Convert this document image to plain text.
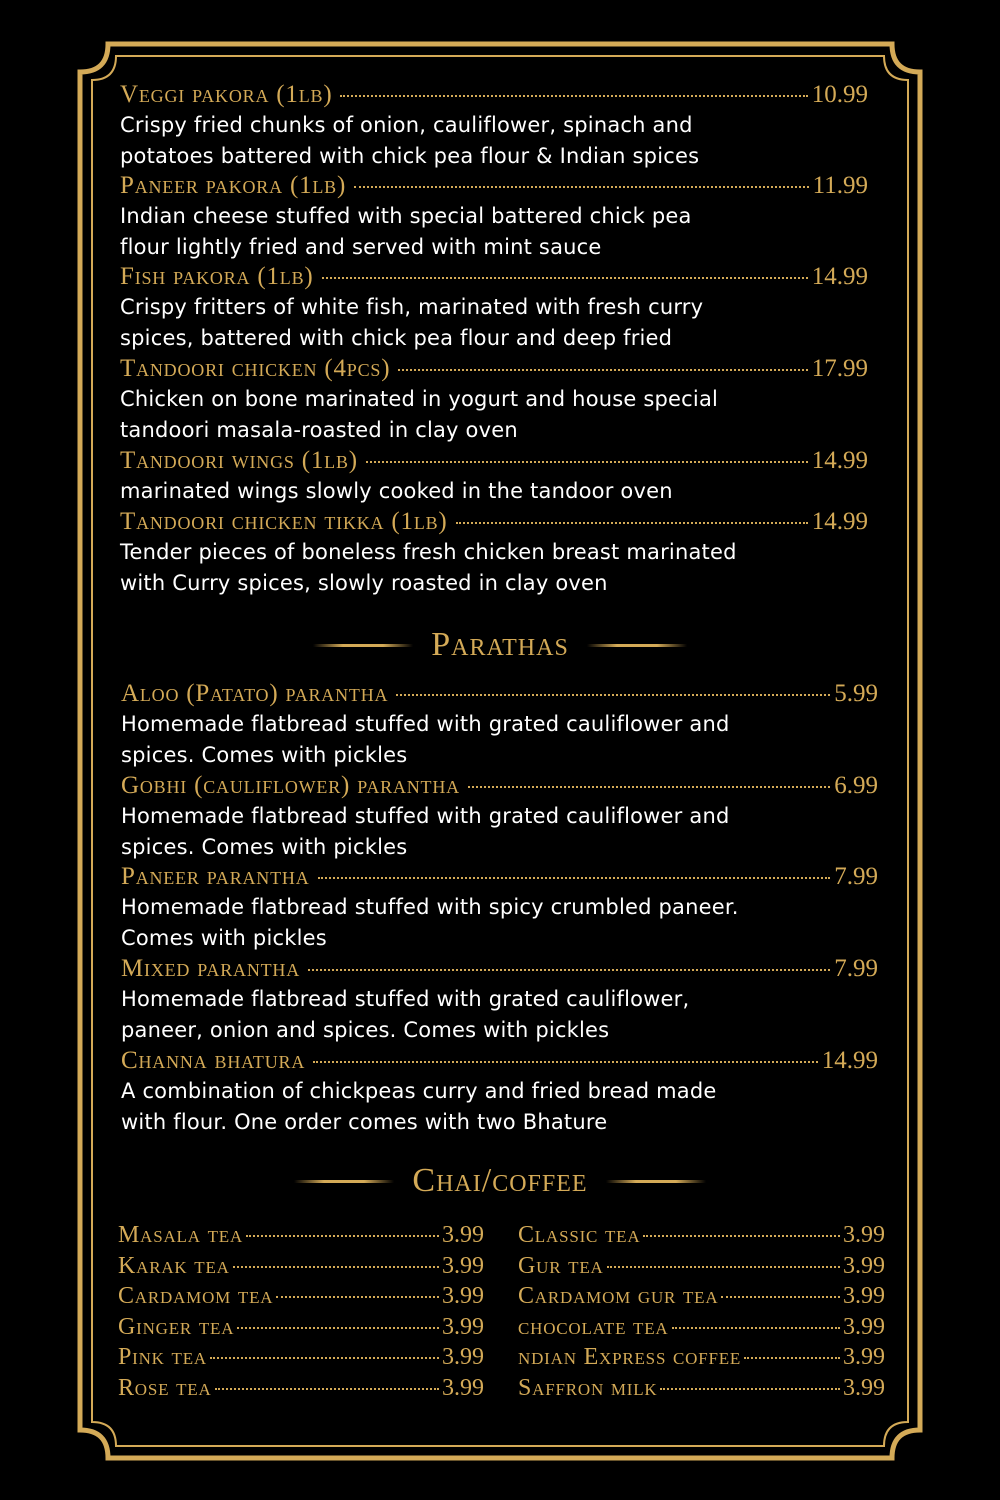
Veggi pakora (1lb)	10.99
Crispy fried chunks of onion, cauliflower, spinach and
potatoes battered with chick pea flour & Indian spices
Paneer pakora (1lb)	11.99
Indian cheese stuffed with special battered chick pea
flour lightly fried and served with mint sauce
Fish pakora (1lb)	14.99
Crispy fritters of white fish, marinated with fresh curry
spices, battered with chick pea flour and deep fried
Tandoori chicken (4pcs)	17.99
Chicken on bone marinated in yogurt and house special
tandoori masala-roasted in clay oven
Tandoori wings (1lb)	14.99
marinated wings slowly cooked in the tandoor oven
Tandoori chicken tikka (1lb)	14.99
Tender pieces of boneless fresh chicken breast marinated
with Curry spices, slowly roasted in clay oven
Parathas
Aloo (Patato) parantha	5.99
Homemade flatbread stuffed with grated cauliflower and
spices. Comes with pickles
Gobhi (cauliflower) parantha	6.99
Homemade flatbread stuffed with grated cauliflower and
spices. Comes with pickles
Paneer parantha	7.99
Homemade flatbread stuffed with spicy crumbled paneer.
Comes with pickles
Mixed parantha	7.99
Homemade flatbread stuffed with grated cauliflower,
paneer, onion and spices. Comes with pickles
Channa bhatura	14.99
A combination of chickpeas curry and fried bread made
with flour. One order comes with two Bhature
Chai/coffee
Masala tea	3.99
Karak tea	3.99
Cardamom tea	3.99
Ginger tea	3.99
Pink tea	3.99
Rose tea	3.99
Classic tea	3.99
Gur tea	3.99
Cardamom gur tea	3.99
chocolate tea	3.99
ndian Express coffee	3.99
Saffron milk	3.99
